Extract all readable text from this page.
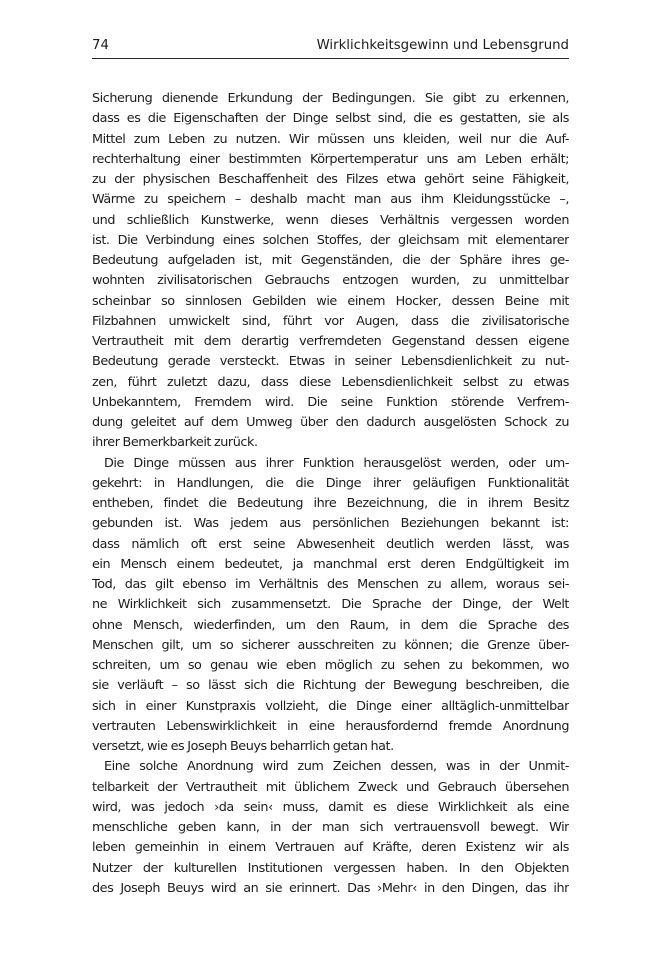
74	Wirklichkeitsgewinn und Lebensgrund
Sicherung dienende Erkundung der Bedingungen. Sie gibt zu erkennen,
dass es die Eigenschaften der Dinge selbst sind, die es gestatten, sie als
Mittel zum Leben zu nutzen. Wir müssen uns kleiden, weil nur die Auf-
rechterhaltung einer bestimmten Körpertemperatur uns am Leben erhält;
zu der physischen Beschaffenheit des Filzes etwa gehört seine Fähigkeit,
Wärme zu speichern – deshalb macht man aus ihm Kleidungsstücke –,
und schließlich Kunstwerke, wenn dieses Verhältnis vergessen worden
ist. Die Verbindung eines solchen Stoffes, der gleichsam mit elementarer
Bedeutung aufgeladen ist, mit Gegenständen, die der Sphäre ihres ge-
wohnten zivilisatorischen Gebrauchs entzogen wurden, zu unmittelbar
scheinbar so sinnlosen Gebilden wie einem Hocker, dessen Beine mit
Filzbahnen umwickelt sind, führt vor Augen, dass die zivilisatorische
Vertrautheit mit dem derartig verfremdeten Gegenstand dessen eigene
Bedeutung gerade versteckt. Etwas in seiner Lebensdienlichkeit zu nut-
zen, führt zuletzt dazu, dass diese Lebensdienlichkeit selbst zu etwas
Unbekanntem, Fremdem wird. Die seine Funktion störende Verfrem-
dung geleitet auf dem Umweg über den dadurch ausgelösten Schock zu
ihrer Bemerkbarkeit zurück.
Die Dinge müssen aus ihrer Funktion herausgelöst werden, oder um-
gekehrt: in Handlungen, die die Dinge ihrer geläufigen Funktionalität
entheben, findet die Bedeutung ihre Bezeichnung, die in ihrem Besitz
gebunden ist. Was jedem aus persönlichen Beziehungen bekannt ist:
dass nämlich oft erst seine Abwesenheit deutlich werden lässt, was
ein Mensch einem bedeutet, ja manchmal erst deren Endgültigkeit im
Tod, das gilt ebenso im Verhältnis des Menschen zu allem, woraus sei-
ne Wirklichkeit sich zusammensetzt. Die Sprache der Dinge, der Welt
ohne Mensch, wiederfinden, um den Raum, in dem die Sprache des
Menschen gilt, um so sicherer ausschreiten zu können; die Grenze über-
schreiten, um so genau wie eben möglich zu sehen zu bekommen, wo
sie verläuft – so lässt sich die Richtung der Bewegung beschreiben, die
sich in einer Kunstpraxis vollzieht, die Dinge einer alltäglich-unmittelbar
vertrauten Lebenswirklichkeit in eine herausfordernd fremde Anordnung
versetzt, wie es Joseph Beuys beharrlich getan hat.
Eine solche Anordnung wird zum Zeichen dessen, was in der Unmit-
telbarkeit der Vertrautheit mit üblichem Zweck und Gebrauch übersehen
wird, was jedoch ›da sein‹ muss, damit es diese Wirklichkeit als eine
menschliche geben kann, in der man sich vertrauensvoll bewegt. Wir
leben gemeinhin in einem Vertrauen auf Kräfte, deren Existenz wir als
Nutzer der kulturellen Institutionen vergessen haben. In den Objekten
des Joseph Beuys wird an sie erinnert. Das ›Mehr‹ in den Dingen, das ihr
